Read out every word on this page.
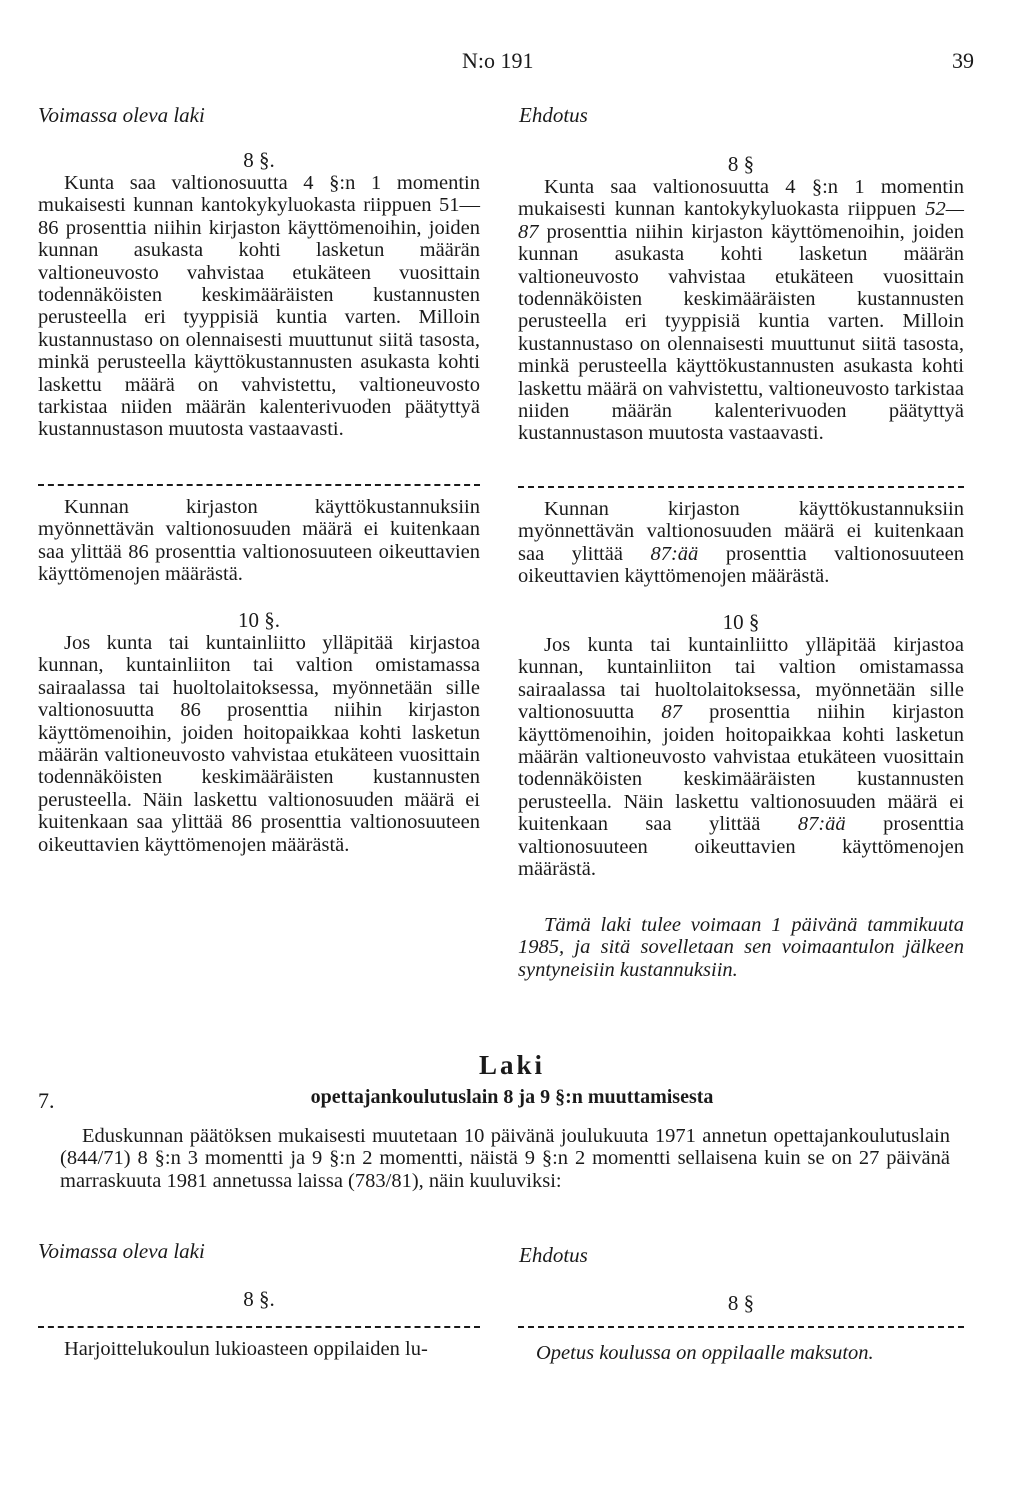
N:o 191	39
Voimassa oleva laki	Ehdotus
8 §.

Kunta saa valtionosuutta 4 §:n 1 momentin mukaisesti kunnan kantokykyluokasta riippuen 51—86 prosenttia niihin kirjaston käyttömenoihin, joiden kunnan asukasta kohti lasketun määrän valtioneuvosto vahvistaa etukäteen vuosittain todennäköisten keskimääräisten kustannusten perusteella eri tyyppisiä kuntia varten. Milloin kustannustaso on olennaisesti muuttunut siitä tasosta, minkä perusteella käyttökustannusten asukasta kohti laskettu määrä on vahvistettu, valtioneuvosto tarkistaa niiden määrän kalenterivuoden päätyttyä kustannustason muutosta vastaavasti.

Kunnan kirjaston käyttökustannuksiin myönnettävän valtionosuuden määrä ei kuitenkaan saa ylittää 86 prosenttia valtionosuuteen oikeuttavien käyttömenojen määrästä.

10 §.

Jos kunta tai kuntainliitto ylläpitää kirjastoa kunnan, kuntainliiton tai valtion omistamassa sairaalassa tai huoltolaitoksessa, myönnetään sille valtionosuutta 86 prosenttia niihin kirjaston käyttömenoihin, joiden hoitopaikkaa kohti lasketun määrän valtioneuvosto vahvistaa etukäteen vuosittain todennäköisten keskimääräisten kustannusten perusteella. Näin laskettu valtionosuuden määrä ei kuitenkaan saa ylittää 86 prosenttia valtionosuuteen oikeuttavien käyttömenojen määrästä.

8 §

Kunta saa valtionosuutta 4 §:n 1 momentin mukaisesti kunnan kantokykyluokasta riippuen 52—87 prosenttia niihin kirjaston käyttömenoihin, joiden kunnan asukasta kohti lasketun määrän valtioneuvosto vahvistaa etukäteen vuosittain todennäköisten keskimääräisten kustannusten perusteella eri tyyppisiä kuntia varten. Milloin kustannustaso on olennaisesti muuttunut siitä tasosta, minkä perusteella käyttökustannusten asukasta kohti laskettu määrä on vahvistettu, valtioneuvosto tarkistaa niiden määrän kalenterivuoden päätyttyä kustannustason muutosta vastaavasti.

Kunnan kirjaston käyttökustannuksiin myönnettävän valtionosuuden määrä ei kuitenkaan saa ylittää 87:ää prosenttia valtionosuuteen oikeuttavien käyttömenojen määrästä.

10 §

Jos kunta tai kuntainliitto ylläpitää kirjastoa kunnan, kuntainliiton tai valtion omistamassa sairaalassa tai huoltolaitoksessa, myönnetään sille valtionosuutta 87 prosenttia niihin kirjaston käyttömenoihin, joiden hoitopaikkaa kohti lasketun määrän valtioneuvosto vahvistaa etukäteen vuosittain todennäköisten keskimääräisten kustannusten perusteella. Näin laskettu valtionosuuden määrä ei kuitenkaan saa ylittää 87:ää prosenttia valtionosuuteen oikeuttavien käyttömenojen määrästä.

Tämä laki tulee voimaan 1 päivänä tammikuuta 1985, ja sitä sovelletaan sen voimaantulon jälkeen syntyneisiin kustannuksiin.

7.
Laki
opettajankoulutuslain 8 ja 9 §:n muuttamisesta

Eduskunnan päätöksen mukaisesti muutetaan 10 päivänä joulukuuta 1971 annetun opettajankoulutuslain (844/71) 8 §:n 3 momentti ja 9 §:n 2 momentti, näistä 9 §:n 2 momentti sellaisena kuin se on 27 päivänä marraskuuta 1981 annetussa laissa (783/81), näin kuuluviksi:

Voimassa oleva laki	Ehdotus
8 §.	8 §

Harjoittelukoulun lukioasteen oppilaiden lu-	Opetus koulussa on oppilaalle maksuton.
